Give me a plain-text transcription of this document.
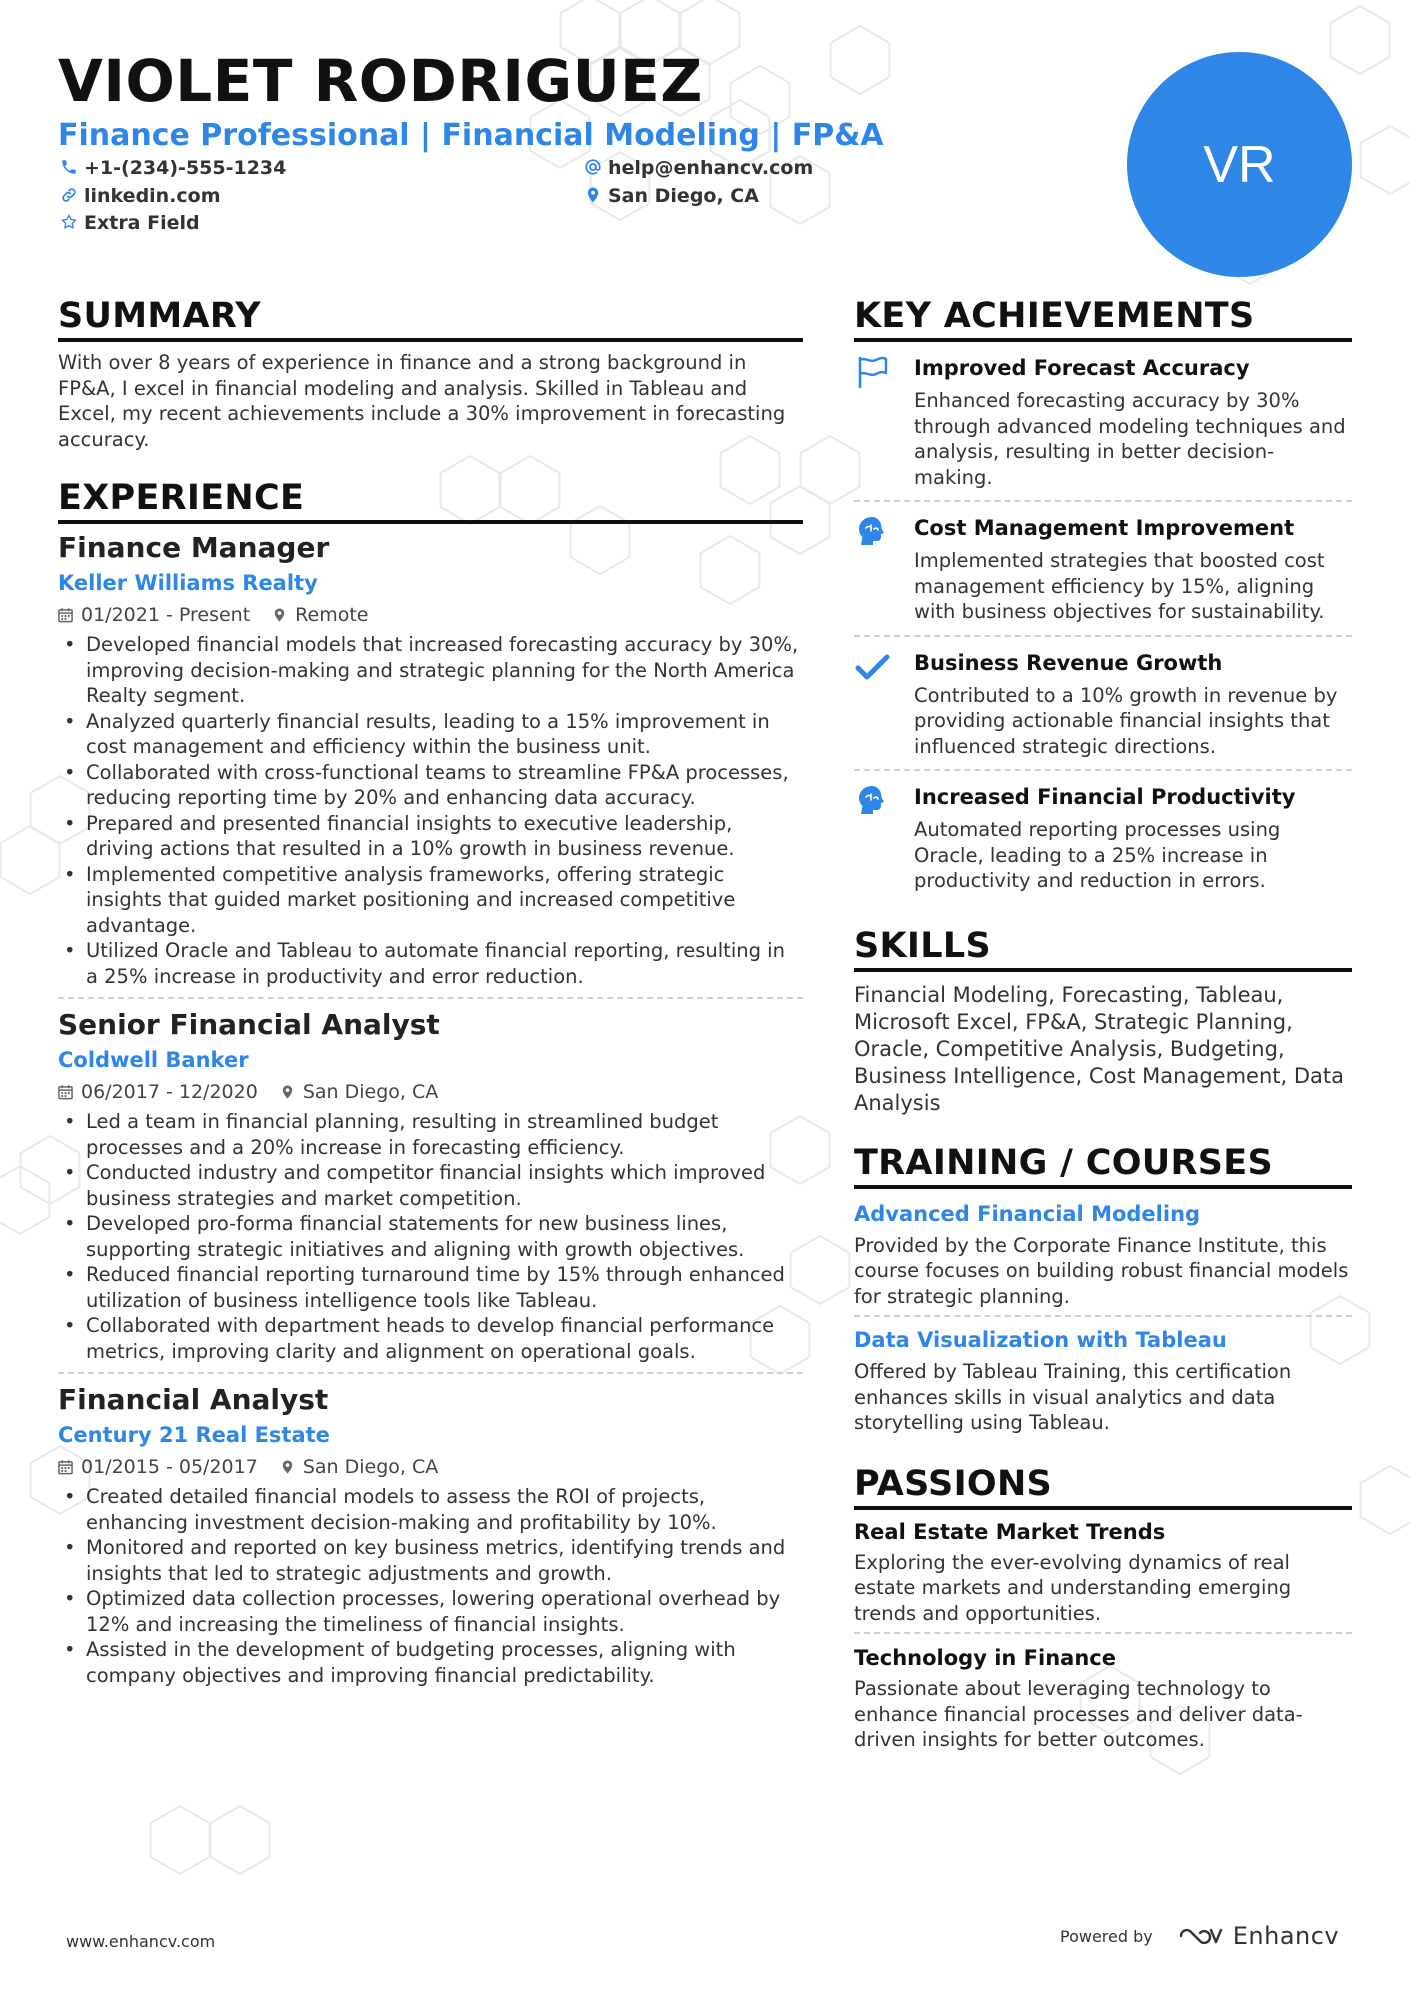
VIOLET RODRIGUEZ
Finance Professional | Financial Modeling | FP&A
+1-(234)-555-1234	help@enhancv.com
linkedin.com	San Diego, CA
Extra Field
VR
SUMMARY

With over 8 years of experience in finance and a strong background in FP&A, I excel in financial modeling and analysis. Skilled in Tableau and Excel, my recent achievements include a 30% improvement in forecasting accuracy.

EXPERIENCE
Finance Manager
Keller Williams Realty
01/2021 - Present Remote
• Developed financial models that increased forecasting accuracy by 30%, improving decision-making and strategic planning for the North America Realty segment.
• Analyzed quarterly financial results, leading to a 15% improvement in cost management and efficiency within the business unit.
• Collaborated with cross-functional teams to streamline FP&A processes, reducing reporting time by 20% and enhancing data accuracy.
• Prepared and presented financial insights to executive leadership, driving actions that resulted in a 10% growth in business revenue.
• Implemented competitive analysis frameworks, offering strategic insights that guided market positioning and increased competitive advantage.
• Utilized Oracle and Tableau to automate financial reporting, resulting in a 25% increase in productivity and error reduction.
Senior Financial Analyst
Coldwell Banker
06/2017 - 12/2020 San Diego, CA
• Led a team in financial planning, resulting in streamlined budget processes and a 20% increase in forecasting efficiency.
• Conducted industry and competitor financial insights which improved business strategies and market competition.
• Developed pro-forma financial statements for new business lines, supporting strategic initiatives and aligning with growth objectives.
• Reduced financial reporting turnaround time by 15% through enhanced utilization of business intelligence tools like Tableau.
• Collaborated with department heads to develop financial performance metrics, improving clarity and alignment on operational goals.
Financial Analyst
Century 21 Real Estate
01/2015 - 05/2017 San Diego, CA
• Created detailed financial models to assess the ROI of projects, enhancing investment decision-making and profitability by 10%.
• Monitored and reported on key business metrics, identifying trends and insights that led to strategic adjustments and growth.
• Optimized data collection processes, lowering operational overhead by 12% and increasing the timeliness of financial insights.
• Assisted in the development of budgeting processes, aligning with company objectives and improving financial predictability.
KEY ACHIEVEMENTS
Improved Forecast Accuracy

Enhanced forecasting accuracy by 30% through advanced modeling techniques and analysis, resulting in better decision-making.

Cost Management Improvement

Implemented strategies that boosted cost management efficiency by 15%, aligning with business objectives for sustainability.

Business Revenue Growth

Contributed to a 10% growth in revenue by providing actionable financial insights that influenced strategic directions.

Increased Financial Productivity

Automated reporting processes using Oracle, leading to a 25% increase in productivity and reduction in errors.

SKILLS

Financial Modeling, Forecasting, Tableau, Microsoft Excel, FP&A, Strategic Planning, Oracle, Competitive Analysis, Budgeting, Business Intelligence, Cost Management, Data Analysis

TRAINING / COURSES
Advanced Financial Modeling

Provided by the Corporate Finance Institute, this course focuses on building robust financial models for strategic planning.

Data Visualization with Tableau

Offered by Tableau Training, this certification enhances skills in visual analytics and data storytelling using Tableau.

PASSIONS
Real Estate Market Trends

Exploring the ever-evolving dynamics of real estate markets and understanding emerging trends and opportunities.

Technology in Finance

Passionate about leveraging technology to enhance financial processes and deliver data-driven insights for better outcomes.

www.enhancv.com	Powered by	Enhancv
